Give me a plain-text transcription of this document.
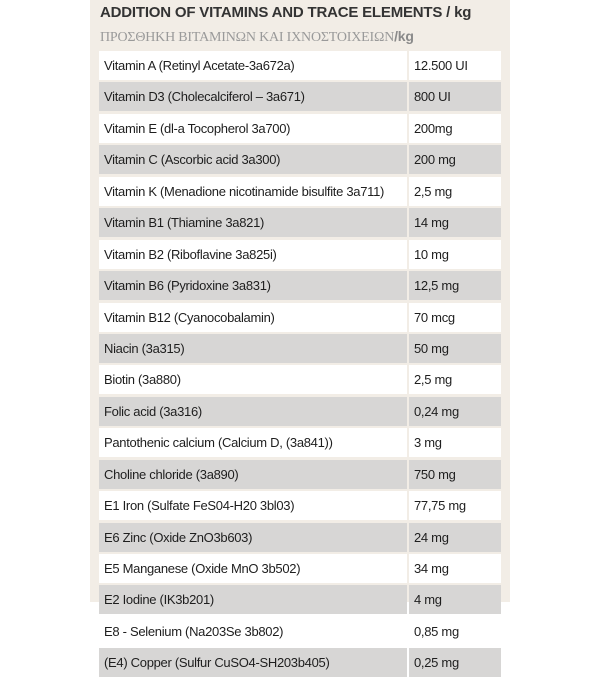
ADDITION OF VITAMINS AND TRACE ELEMENTS / kg
ΠΡΟΣΘΗΚΗ ΒΙΤΑΜΙΝΩΝ ΚΑΙ ΙΧΝΟΣΤΟΙΧΕΙΩΝ/kg
Vitamin A (Retinyl Acetate-3a672a)	12.500 UI
Vitamin D3 (Cholecalciferol – 3a671)	800 UI
Vitamin E (dl-a Tocopherol 3a700)	200mg
Vitamin C (Ascorbic acid 3a300)	200 mg
Vitamin K (Menadione nicotinamide bisulfite 3a711)	2,5 mg
Vitamin B1 (Thiamine 3a821)	14 mg
Vitamin B2 (Riboflavine 3a825i)	10 mg
Vitamin B6 (Pyridoxine 3a831)	12,5 mg
Vitamin B12 (Cyanocobalamin)	70 mcg
Niacin (3a315)	50 mg
Biotin (3a880)	2,5 mg
Folic acid (3a316)	0,24 mg
Pantothenic calcium (Calcium D, (3a841))	3 mg
Choline chloride (3a890)	750 mg
E1 Iron (Sulfate FeS04-H20 3bl03)	77,75 mg
E6 Zinc (Oxide ZnO3b603)	24 mg
E5 Manganese (Oxide MnO 3b502)	34 mg
E2 Iodine (IK3b201)	4 mg
E8 - Selenium (Na203Se 3b802)	0,85 mg
(E4) Copper (Sulfur CuSO4-SH203b405)	0,25 mg
